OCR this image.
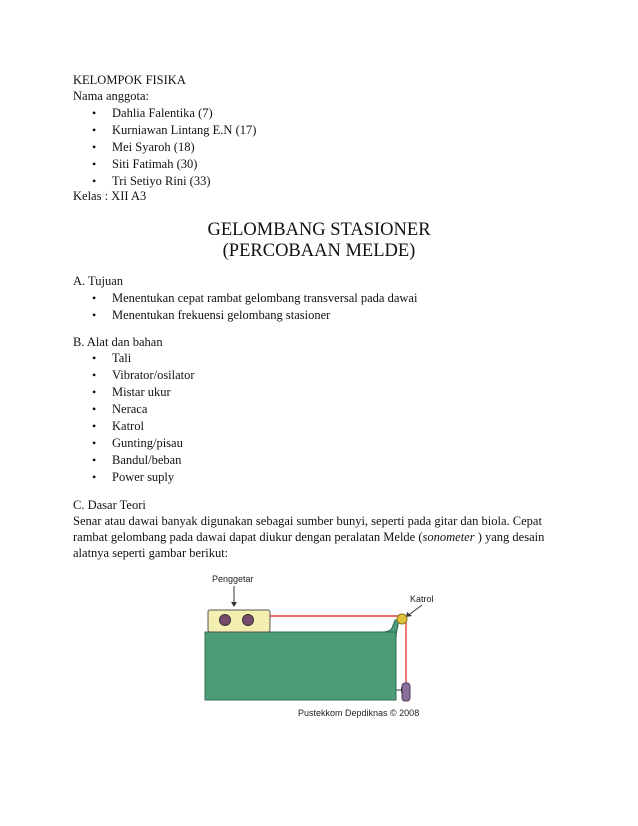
KELOMPOK FISIKA
Nama anggota:
• Dahlia Falentika (7)
• Kurniawan Lintang E.N (17)
• Mei Syaroh (18)
• Siti Fatimah (30)
• Tri Setiyo Rini (33)
Kelas : XII A3
GELOMBANG STASIONER
(PERCOBAAN MELDE)
A. Tujuan
• Menentukan cepat rambat gelombang transversal pada dawai
• Menentukan frekuensi gelombang stasioner
B. Alat dan bahan
• Tali
• Vibrator/osilator
• Mistar ukur
• Neraca
• Katrol
• Gunting/pisau
• Bandul/beban
• Power suply
C. Dasar Teori
Senar atau dawai banyak digunakan sebagai sumber bunyi, seperti pada gitar dan biola. Cepat
rambat gelombang pada dawai dapat diukur dengan peralatan Melde (sonometer ) yang desain
alatnya seperti gambar berikut:
Penggetar
Katrol
Pustekkom Depdiknas © 2008
